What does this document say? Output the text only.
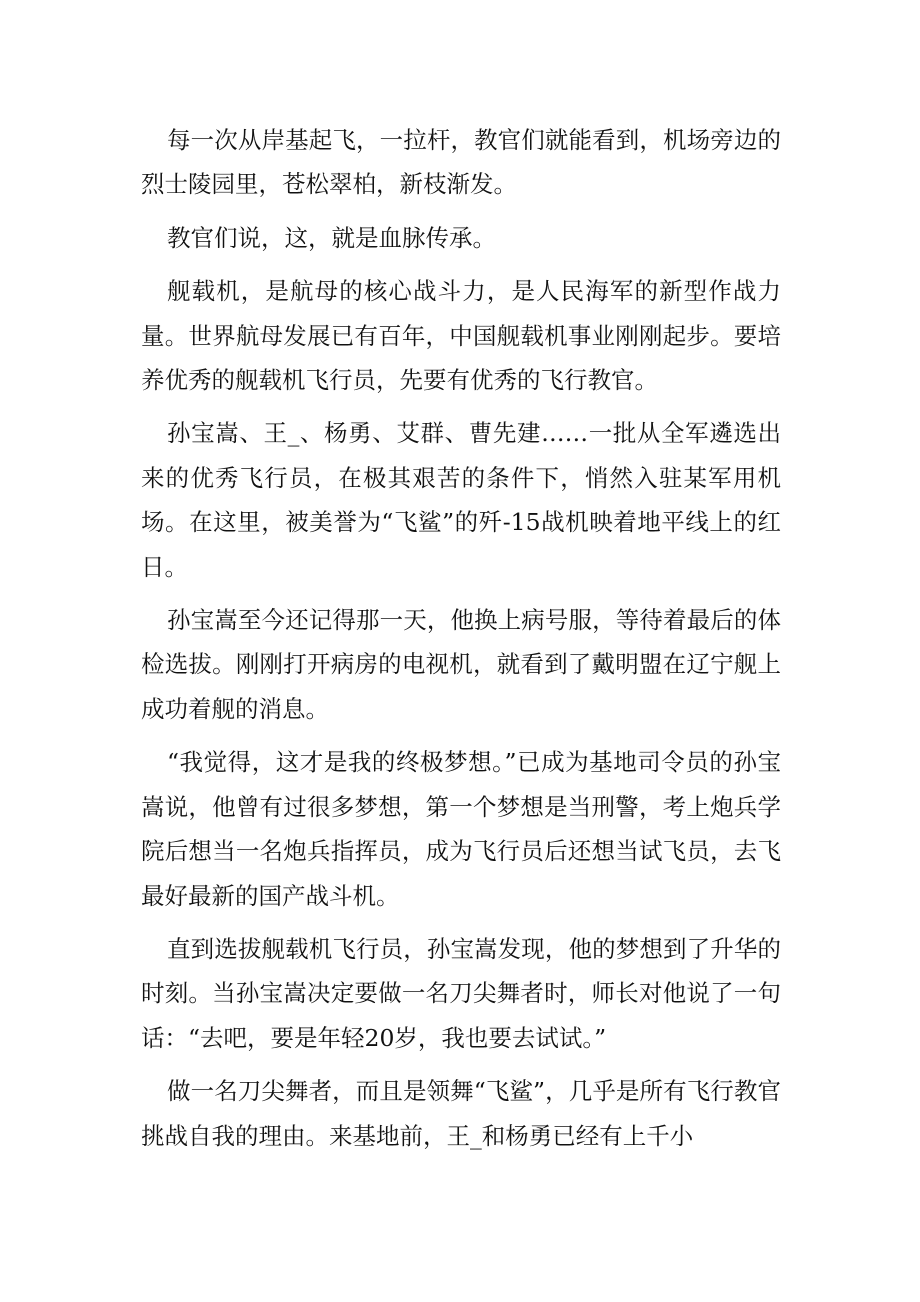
每一次从岸基起飞，一拉杆，教官们就能看到，机场旁边的烈士陵园里，苍松翠柏，新枝渐发。

教官们说，这，就是血脉传承。

舰载机，是航母的核心战斗力，是人民海军的新型作战力量。世界航母发展已有百年，中国舰载机事业刚刚起步。要培养优秀的舰载机飞行员，先要有优秀的飞行教官。

孙宝嵩、王_、杨勇、艾群、曹先建……一批从全军遴选出来的优秀飞行员，在极其艰苦的条件下，悄然入驻某军用机场。在这里，被美誉为“飞鲨”的歼-15战机映着地平线上的红日。

孙宝嵩至今还记得那一天，他换上病号服，等待着最后的体检选拔。刚刚打开病房的电视机，就看到了戴明盟在辽宁舰上成功着舰的消息。

“我觉得，这才是我的终极梦想。”已成为基地司令员的孙宝嵩说，他曾有过很多梦想，第一个梦想是当刑警，考上炮兵学院后想当一名炮兵指挥员，成为飞行员后还想当试飞员，去飞最好最新的国产战斗机。

直到选拔舰载机飞行员，孙宝嵩发现，他的梦想到了升华的时刻。当孙宝嵩决定要做一名刀尖舞者时，师长对他说了一句话：“去吧，要是年轻20岁，我也要去试试。”

做一名刀尖舞者，而且是领舞“飞鲨”，几乎是所有飞行教官挑战自我的理由。来基地前，王_和杨勇已经有上千小
